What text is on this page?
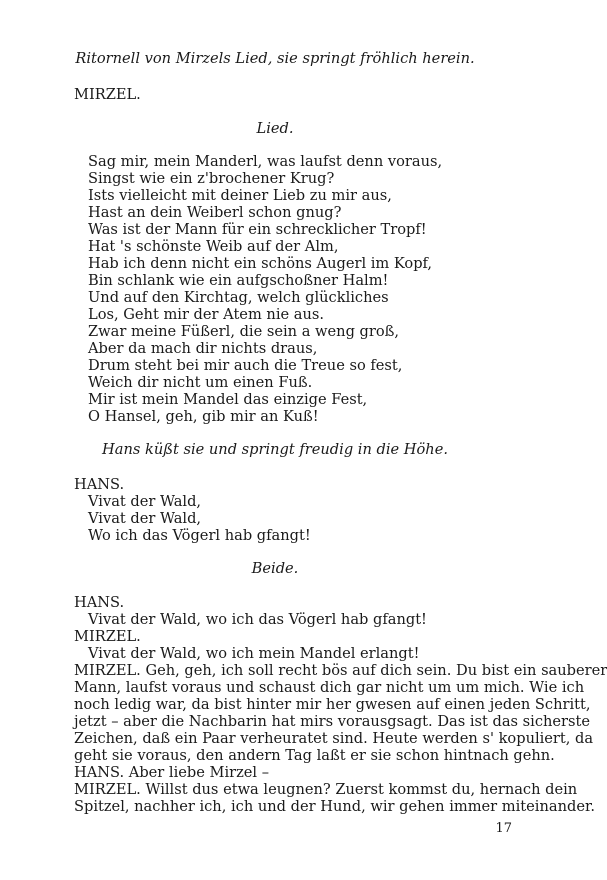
Ritornell von Mirzels Lied, sie springt fröhlich herein.
MIRZEL.
Lied.
Sag mir, mein Manderl, was laufst denn voraus,
Singst wie ein z'brochener Krug?
Ists vielleicht mit deiner Lieb zu mir aus,
Hast an dein Weiberl schon gnug?
Was ist der Mann für ein schrecklicher Tropf!
Hat 's schönste Weib auf der Alm,
Hab ich denn nicht ein schöns Augerl im Kopf,
Bin schlank wie ein aufgschoßner Halm!
Und auf den Kirchtag, welch glückliches
Los, Geht mir der Atem nie aus.
Zwar meine Füßerl, die sein a weng groß,
Aber da mach dir nichts draus,
Drum steht bei mir auch die Treue so fest,
Weich dir nicht um einen Fuß.
Mir ist mein Mandel das einzige Fest,
O Hansel, geh, gib mir an Kuß!
Hans küßt sie und springt freudig in die Höhe.
HANS.
Vivat der Wald,
Vivat der Wald,
Wo ich das Vögerl hab gfangt!
Beide.
HANS.
Vivat der Wald, wo ich das Vögerl hab gfangt!
MIRZEL.
Vivat der Wald, wo ich mein Mandel erlangt!
MIRZEL. Geh, geh, ich soll recht bös auf dich sein. Du bist ein sauberer
Mann, laufst voraus und schaust dich gar nicht um um mich. Wie ich
noch ledig war, da bist hinter mir her gwesen auf einen jeden Schritt,
jetzt – aber die Nachbarin hat mirs vorausgsagt. Das ist das sicherste
Zeichen, daß ein Paar verheuratet sind. Heute werden s' kopuliert, da
geht sie voraus, den andern Tag laßt er sie schon hintnach gehn.
HANS. Aber liebe Mirzel –
MIRZEL. Willst dus etwa leugnen? Zuerst kommst du, hernach dein
Spitzel, nachher ich, ich und der Hund, wir gehen immer miteinander.
17
